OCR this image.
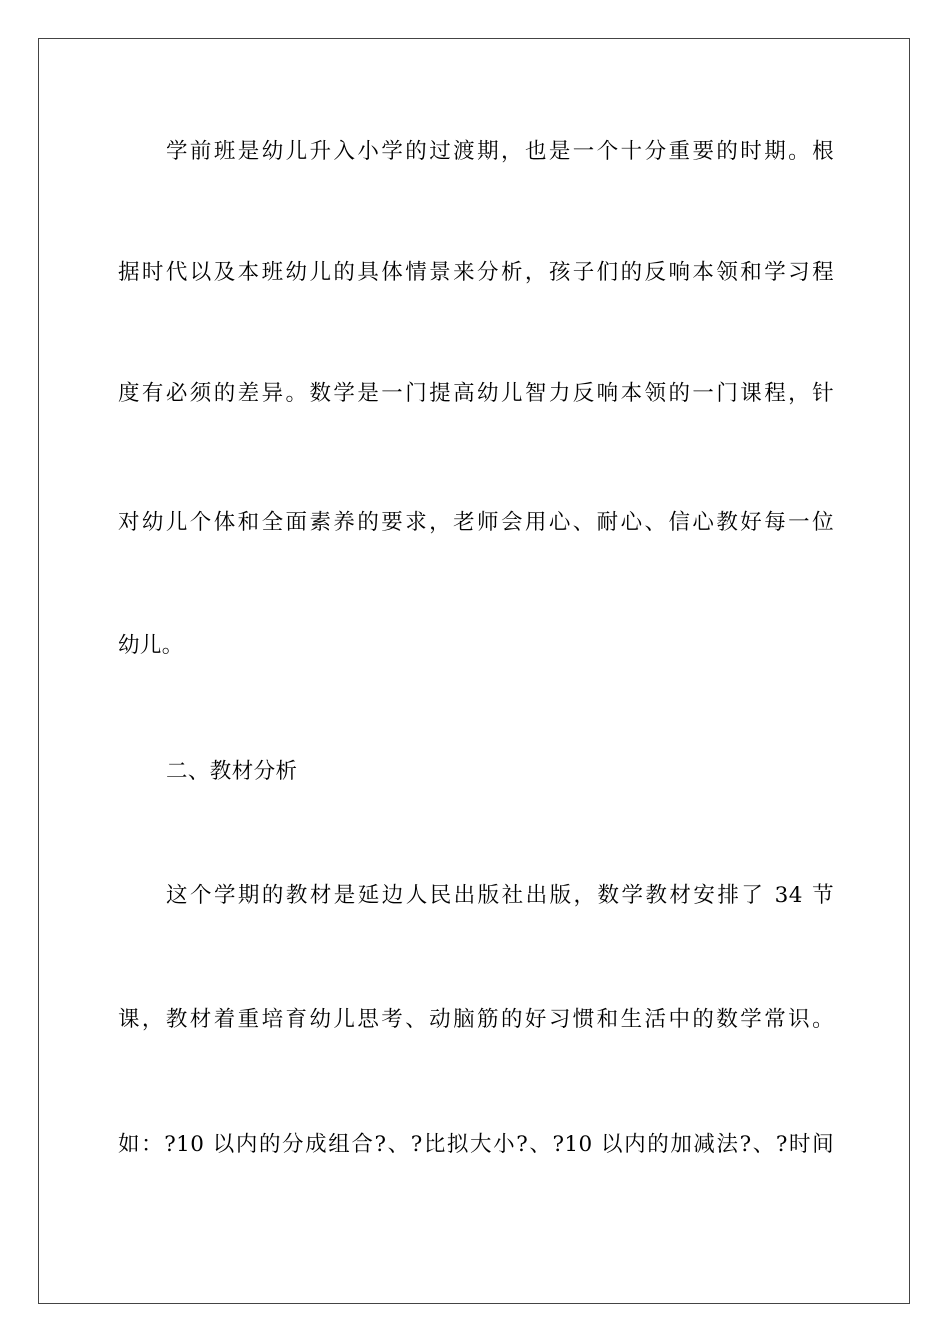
学前班是幼儿升入小学的过渡期，也是一个十分重要的时期。根
据时代以及本班幼儿的具体情景来分析，孩子们的反响本领和学习程
度有必须的差异。数学是一门提高幼儿智力反响本领的一门课程，针
对幼儿个体和全面素养的要求，老师会用心、耐心、信心教好每一位
幼儿。
二、教材分析
这个学期的教材是延边人民出版社出版，数学教材安排了 34 节
课，教材着重培育幼儿思考、动脑筋的好习惯和生活中的数学常识。
如：?10 以内的分成组合?、?比拟大小?、?10 以内的加减法?、?时间
